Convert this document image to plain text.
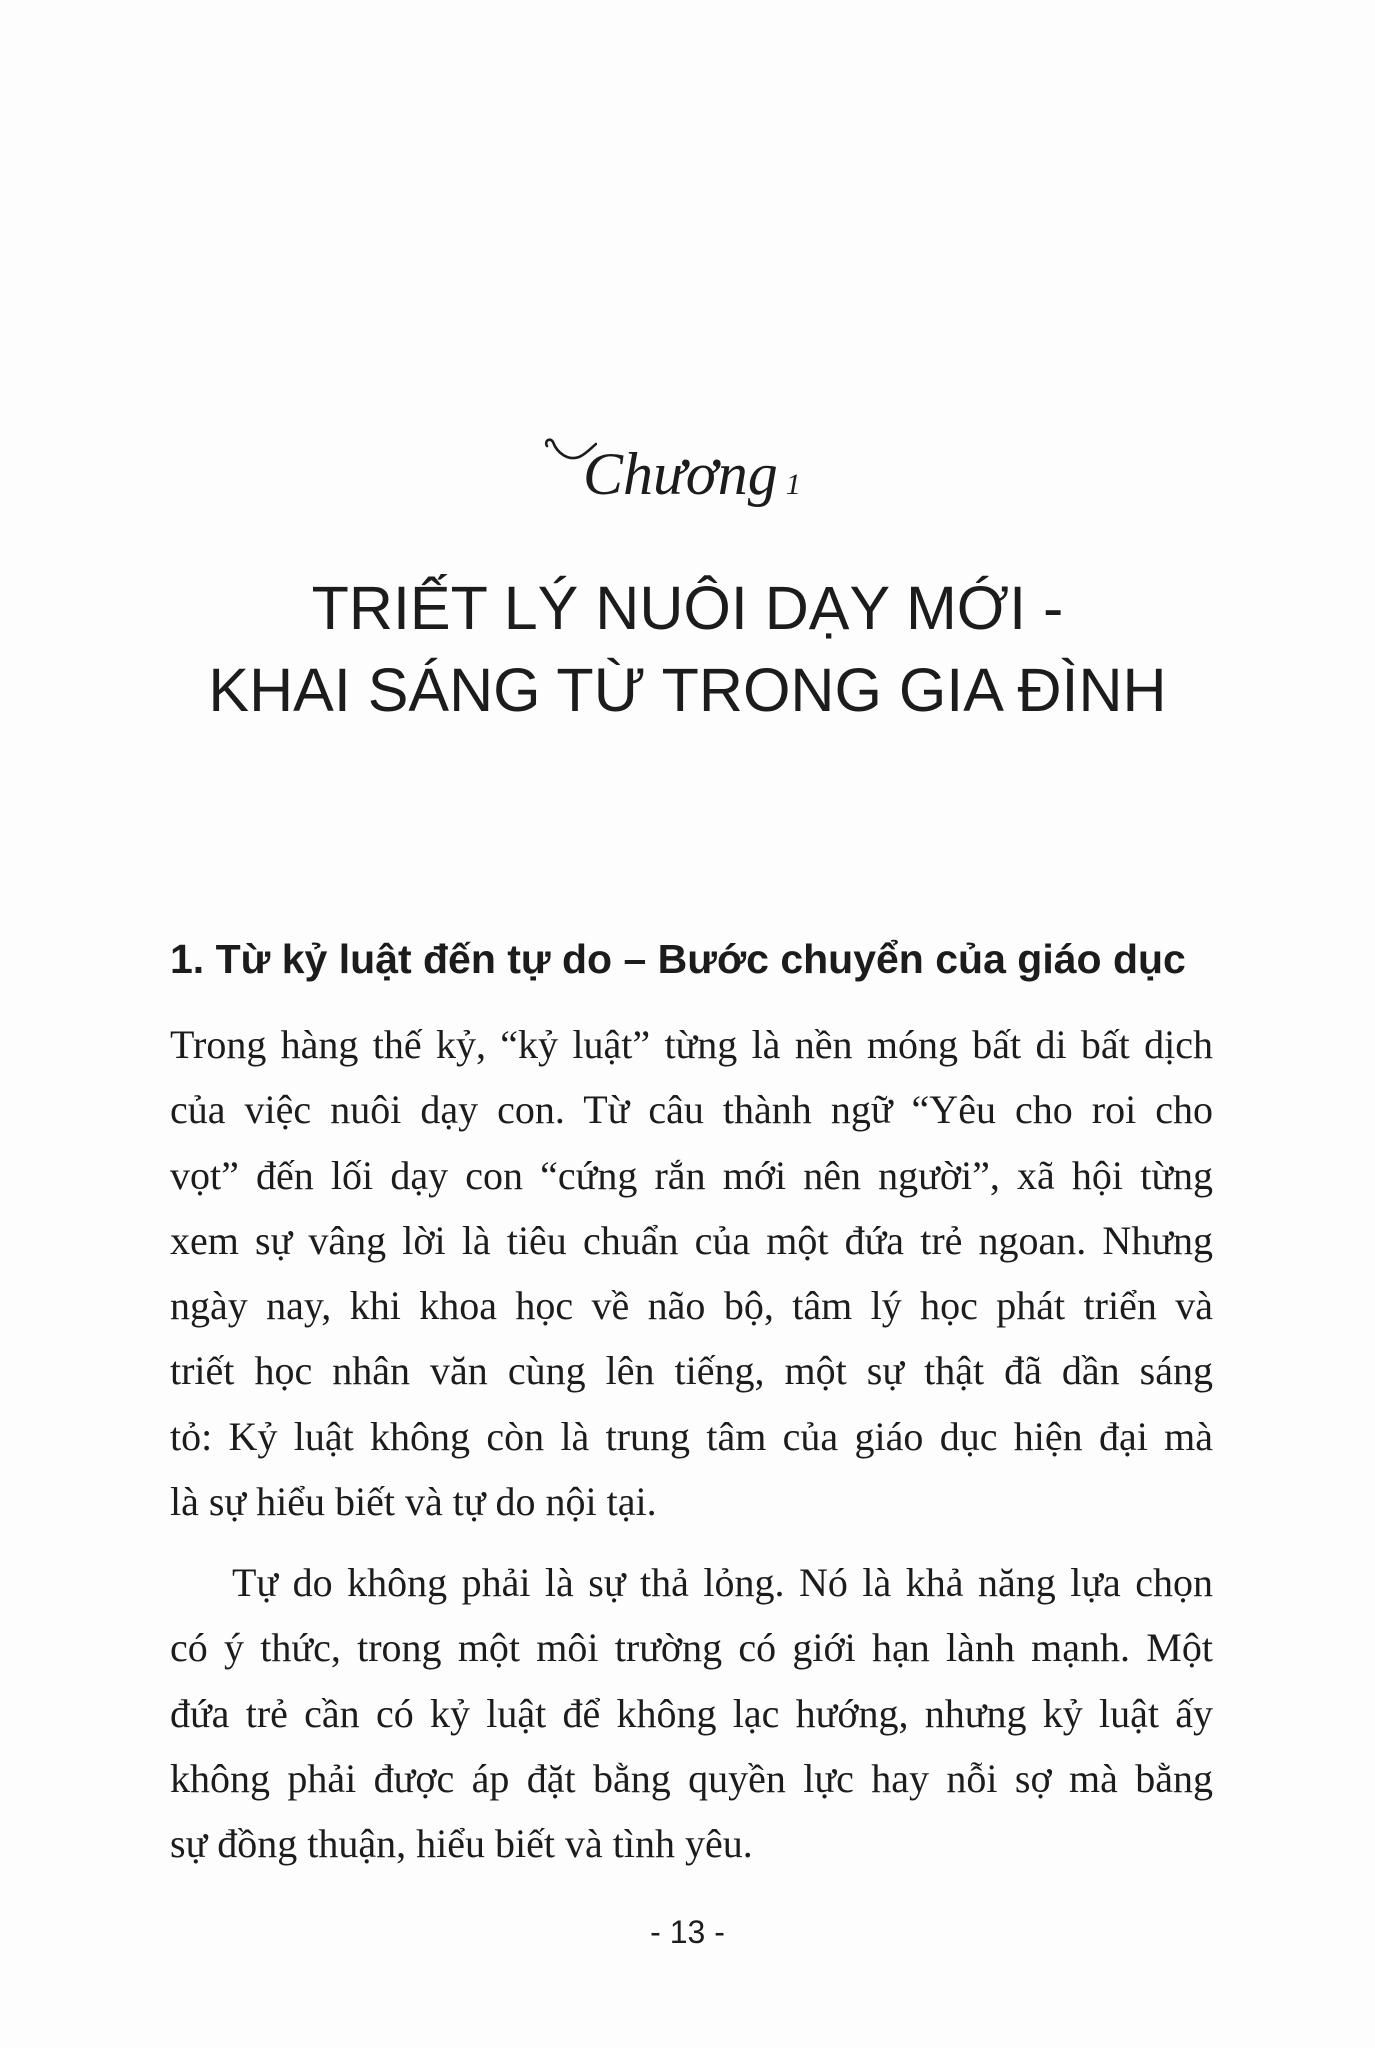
Chương 1
TRIẾT LÝ NUÔI DẠY MỚI -
KHAI SÁNG TỪ TRONG GIA ĐÌNH
1. Từ kỷ luật đến tự do – Bước chuyển của giáo dục
Trong hàng thế kỷ, “kỷ luật” từng là nền móng bất di bất dịch
của việc nuôi dạy con. Từ câu thành ngữ “Yêu cho roi cho
vọt” đến lối dạy con “cứng rắn mới nên người”, xã hội từng
xem sự vâng lời là tiêu chuẩn của một đứa trẻ ngoan. Nhưng
ngày nay, khi khoa học về não bộ, tâm lý học phát triển và
triết học nhân văn cùng lên tiếng, một sự thật đã dần sáng
tỏ: Kỷ luật không còn là trung tâm của giáo dục hiện đại mà
là sự hiểu biết và tự do nội tại.
Tự do không phải là sự thả lỏng. Nó là khả năng lựa chọn
có ý thức, trong một môi trường có giới hạn lành mạnh. Một
đứa trẻ cần có kỷ luật để không lạc hướng, nhưng kỷ luật ấy
không phải được áp đặt bằng quyền lực hay nỗi sợ mà bằng
sự đồng thuận, hiểu biết và tình yêu.
- 13 -
